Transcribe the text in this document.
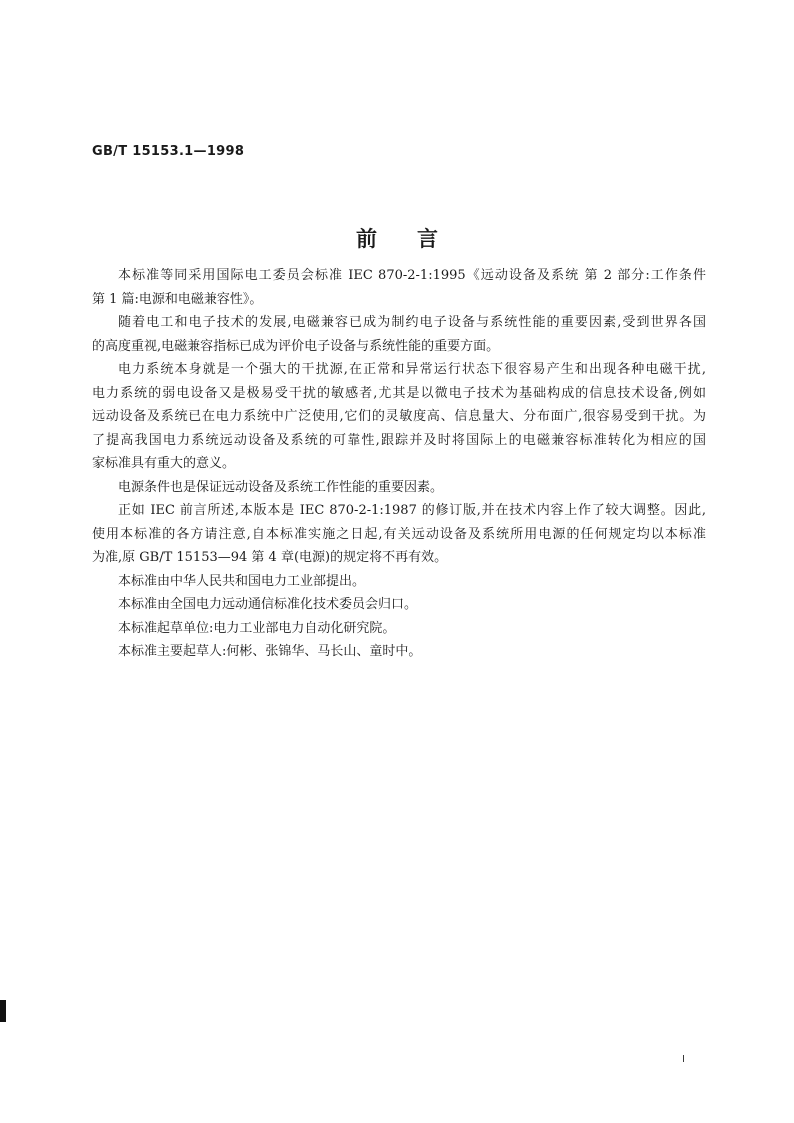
GB/T 15153.1—1998
前言

本标准等同采用国际电工委员会标准 IEC 870-2-1:1995《远动设备及系统 第 2 部分:工作条件
第 1 篇:电源和电磁兼容性》。

随着电工和电子技术的发展,电磁兼容已成为制约电子设备与系统性能的重要因素,受到世界各国
的高度重视,电磁兼容指标已成为评价电子设备与系统性能的重要方面。

电力系统本身就是一个强大的干扰源,在正常和异常运行状态下很容易产生和出现各种电磁干扰,
电力系统的弱电设备又是极易受干扰的敏感者,尤其是以微电子技术为基础构成的信息技术设备,例如
远动设备及系统已在电力系统中广泛使用,它们的灵敏度高、信息量大、分布面广,很容易受到干扰。为
了提高我国电力系统远动设备及系统的可靠性,跟踪并及时将国际上的电磁兼容标准转化为相应的国
家标准具有重大的意义。

电源条件也是保证远动设备及系统工作性能的重要因素。

正如 IEC 前言所述,本版本是 IEC 870-2-1:1987 的修订版,并在技术内容上作了较大调整。因此,
使用本标准的各方请注意,自本标准实施之日起,有关远动设备及系统所用电源的任何规定均以本标准
为准,原 GB/T 15153—94 第 4 章(电源)的规定将不再有效。

本标准由中华人民共和国电力工业部提出。

本标准由全国电力远动通信标准化技术委员会归口。

本标准起草单位:电力工业部电力自动化研究院。

本标准主要起草人:何彬、张锦华、马长山、童时中。

I
